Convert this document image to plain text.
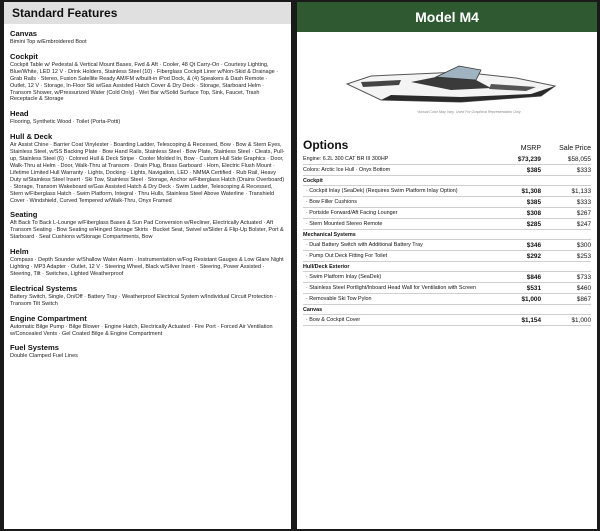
Standard Features
Canvas
Bimini Top w/Embroidered Boot
Cockpit
Cockpit Table w/ Pedestal & Vertical Mount Bases, Fwd & Aft · Cooler, 48 Qt Carry-On · Courtesy Lighting, Blue/White, LED 12 V · Drink Holders, Stainless Steel (10) · Fiberglass Cockpit Liner w/Non-Skid & Drainage · Grab Rails · Stereo, Fusion Satellite Ready AM/FM w/built-in iPod Dock, & (4) Speakers & Dash Remote · Outlet, 12 V · Storage, In-Floor Ski w/Gas Assisted Hatch Cover & Dry Deck · Storage, Starboard Helm · Transom Shower, w/Pressurized Water (Cold Only) · Wet Bar w/Solid Surface Top, Sink, Faucet, Trash Receptacle & Storage
Head
Flooring, Synthetic Wood · Toilet (Porta-Potti)
Hull & Deck
Air Assist Chine · Barrier Coat Vinylester · Boarding Ladder, Telescoping & Recessed, Bow · Bow & Stern Eyes, Stainless Steel, w/SS Backing Plate · Bow Hand Rails, Stainless Steel · Bow Plate, Stainless Steel · Cleats, Pull-up, Stainless Steel (6) · Colored Hull & Deck Stripe · Cooler Molded In, Bow · Custom Hull Side Graphics · Door, Walk-Thru at Helm · Door, Walk-Thru at Transom · Drain Plug, Brass Garboard · Horn, Electric Flush Mount · Lifetime Limited Hull Warranty · Lights, Docking · Lights, Navigation, LED · NMMA Certified · Rub Rail, Heavy Duty w/Stainless Steel Insert · Ski Tow, Stainless Steel · Storage, Anchor w/Fiberglass Hatch (Drains Overboard) · Storage, Transom Wakeboard w/Gas Assisted Hatch & Dry Deck · Swim Ladder, Telescoping & Recessed, Stern w/Fiberglass Hatch · Swim Platform, Integral · Thru Hulls, Stainless Steel Above Waterline · Transhield Cover · Windshield, Curved Tempered w/Walk-Thru, Onyx Framed
Seating
Aft Back To Back L-Lounge w/Fiberglass Bases & Sun Pad Conversion w/Recliner, Electrically Actuated · Aft Transom Seating · Bow Seating w/Hinged Storage Skirts · Bucket Seat, Swivel w/Slider & Flip-Up Bolster, Port & Starboard · Seat Cushions w/Storage Compartments, Bow
Helm
Compass · Depth Sounder w/Shallow Water Alarm · Instrumentation w/Fog Resistant Gauges & Low Glare Night Lighting · MP3 Adapter · Outlet, 12 V · Steering Wheel, Black w/Silver Insert · Steering, Power Assisted · Steering, Tilt · Switches, Lighted Weatherproof
Electrical Systems
Battery Switch, Single, On/Off · Battery Tray · Weatherproof Electrical System w/Individual Circuit Protection · Transom Tilt Switch
Engine Compartment
Automatic Bilge Pump · Bilge Blower · Engine Hatch, Electrically Actuated · Fire Port · Forced Air Ventilation w/Concealed Vents · Gel Coated Bilge & Engine Compartment
Fuel Systems
Double Clamped Fuel Lines
Model M4
*Actual Color May Vary. Used For Graphical Representation Only
Options	MSRP	Sale Price
Engine: 6.2L 300 CAT BR III 300HP	$73,239	$58,055
Colors: Arctic Ice Hull · Onyx Bottom	$385	$333
Cockpit
· Cockpit Inlay (SeaDek) (Requires Swim Platform Inlay Option)	$1,308	$1,133
· Bow Filler Cushions	$385	$333
· Portside Forward/Aft Facing Lounger	$308	$267
· Stern Mounted Stereo Remote	$285	$247
Mechanical Systems
· Dual Battery Switch with Additional Battery Tray	$346	$300
· Pump Out Deck Fitting For Toilet	$292	$253
Hull/Deck Exterior
· Swim Platform Inlay (SeaDek)	$846	$733
· Stainless Steel Portlight/Inboard Head Wall for Ventilation with Screen	$531	$460
· Removable Ski Tow Pylon	$1,000	$867
Canvas
· Bow & Cockpit Cover	$1,154	$1,000
